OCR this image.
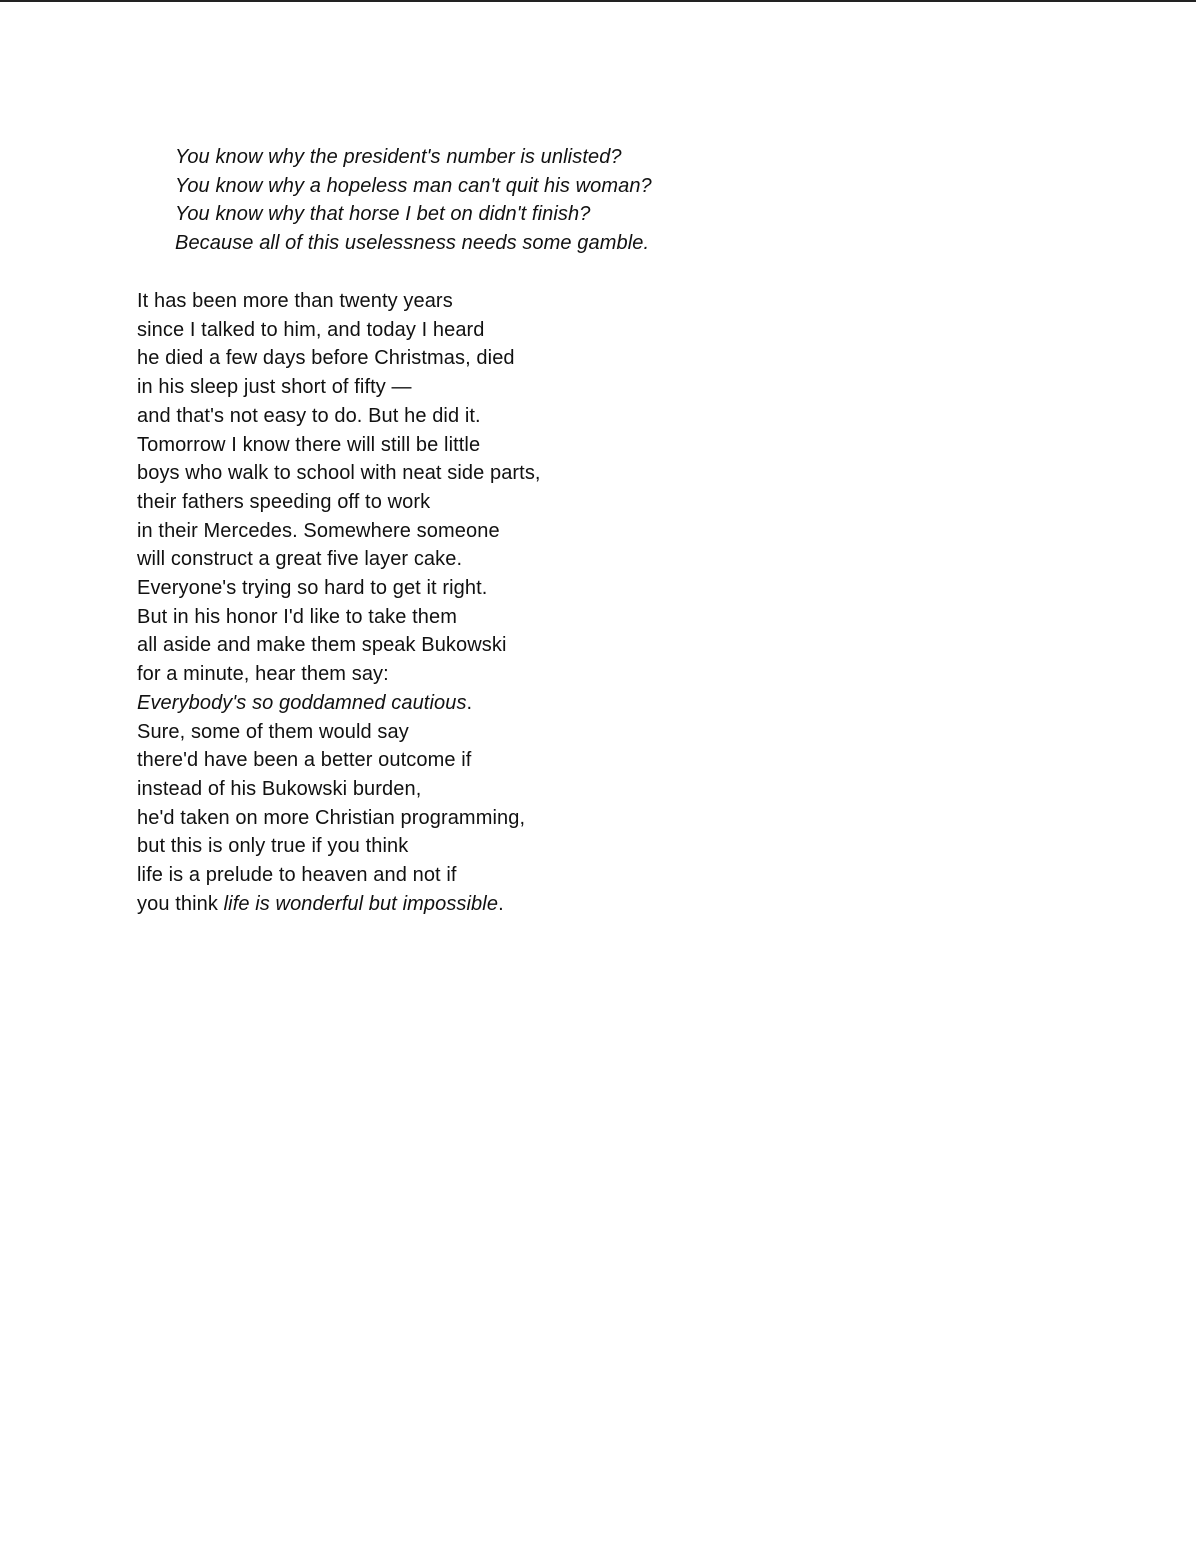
You know why the president's number is unlisted?
You know why a hopeless man can't quit his woman?
You know why that horse I bet on didn't finish?
Because all of this uselessness needs some gamble.
It has been more than twenty years
since I talked to him, and today I heard
he died a few days before Christmas, died
in his sleep just short of fifty —
and that's not easy to do. But he did it.
Tomorrow I know there will still be little
boys who walk to school with neat side parts,
their fathers speeding off to work
in their Mercedes. Somewhere someone
will construct a great five layer cake.
Everyone's trying so hard to get it right.
But in his honor I'd like to take them
all aside and make them speak Bukowski
for a minute, hear them say:
Everybody's so goddamned cautious.
Sure, some of them would say
there'd have been a better outcome if
instead of his Bukowski burden,
he'd taken on more Christian programming,
but this is only true if you think
life is a prelude to heaven and not if
you think life is wonderful but impossible.
